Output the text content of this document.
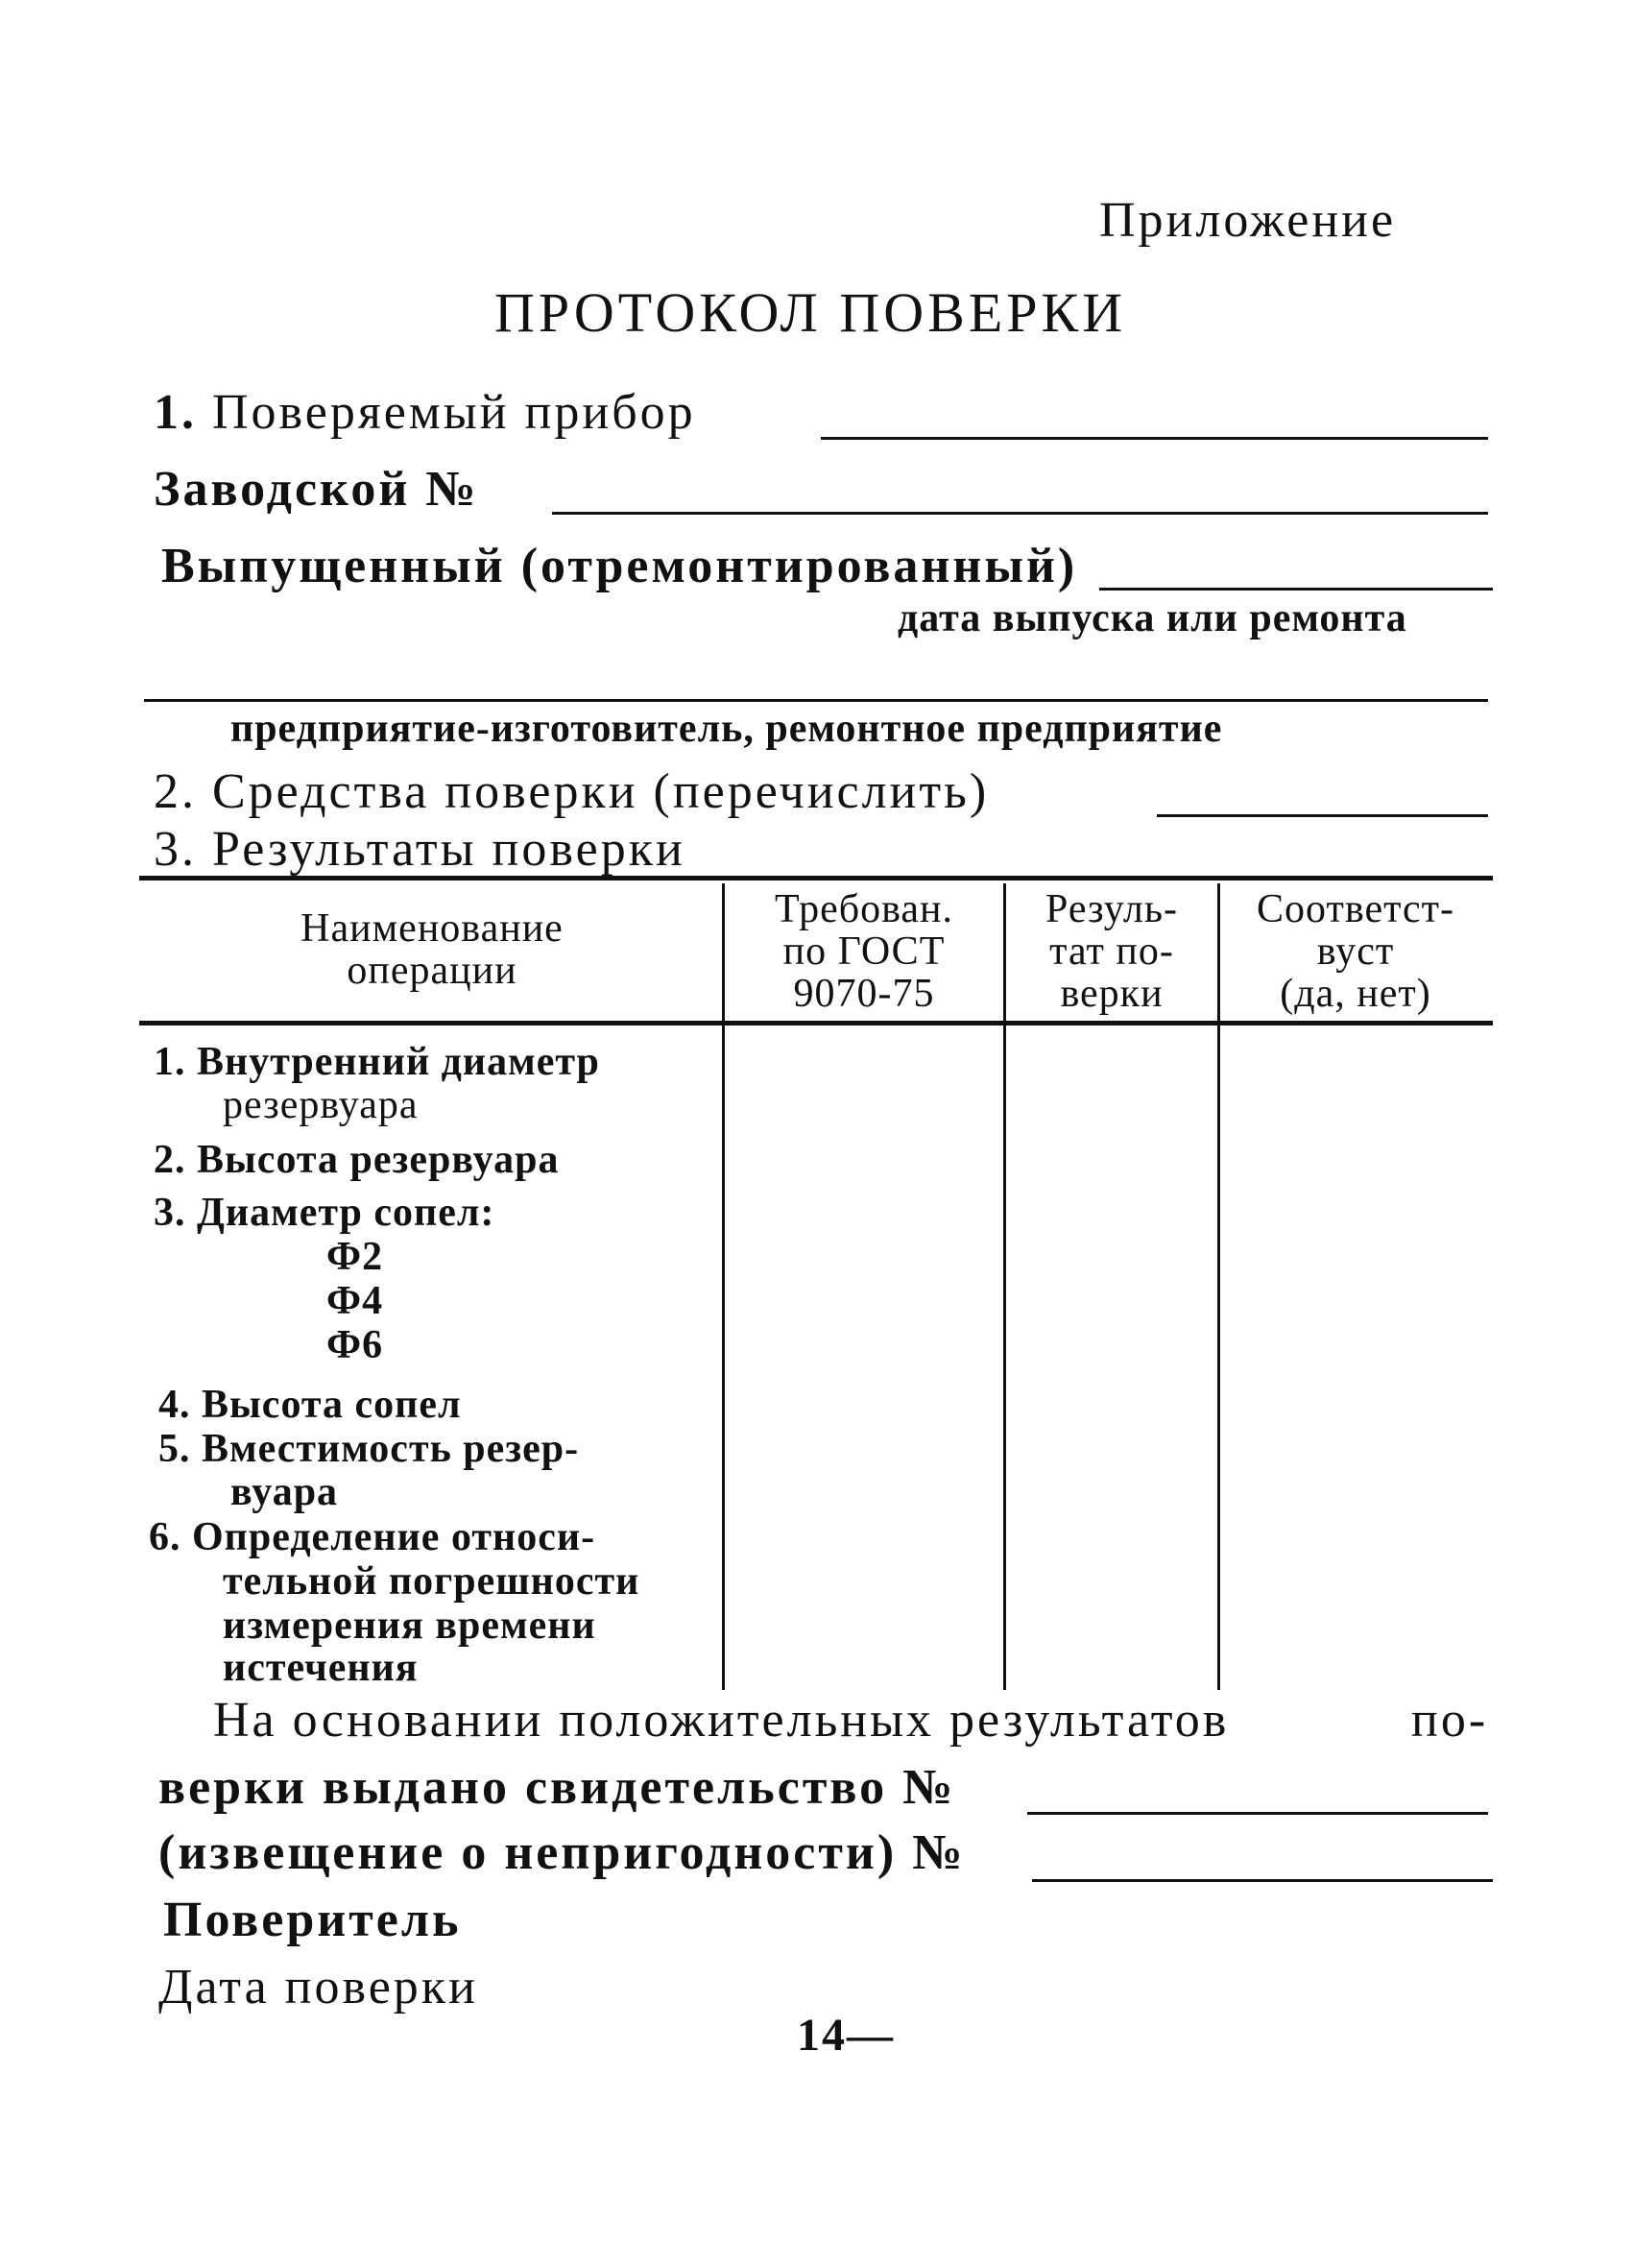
Приложение
ПРОТОКОЛ ПОВЕРКИ
1. Поверяемый прибор
Заводской №
Выпущенный (отремонтированный)
дата выпуска или ремонта
предприятие-изготовитель, ремонтное предприятие
2. Средства поверки (перечислить)
3. Результаты поверки
Наименование
операции
Требован.
по ГОСТ
9070-75
Резуль-
тат по-
верки
Соответст-
вуст
(да, нет)
1. Внутренний диаметр
резервуара
2. Высота резервуара
3. Диаметр сопел:
Ф2
Ф4
Ф6
4. Высота сопел
5. Вместимость резер-
вуара
6. Определение относи-
тельной погрешности
измерения времени
истечения
На основании положительных результатов	по-
верки выдано свидетельство №
(извещение о непригодности) №
Поверитель
Дата поверки
14—
